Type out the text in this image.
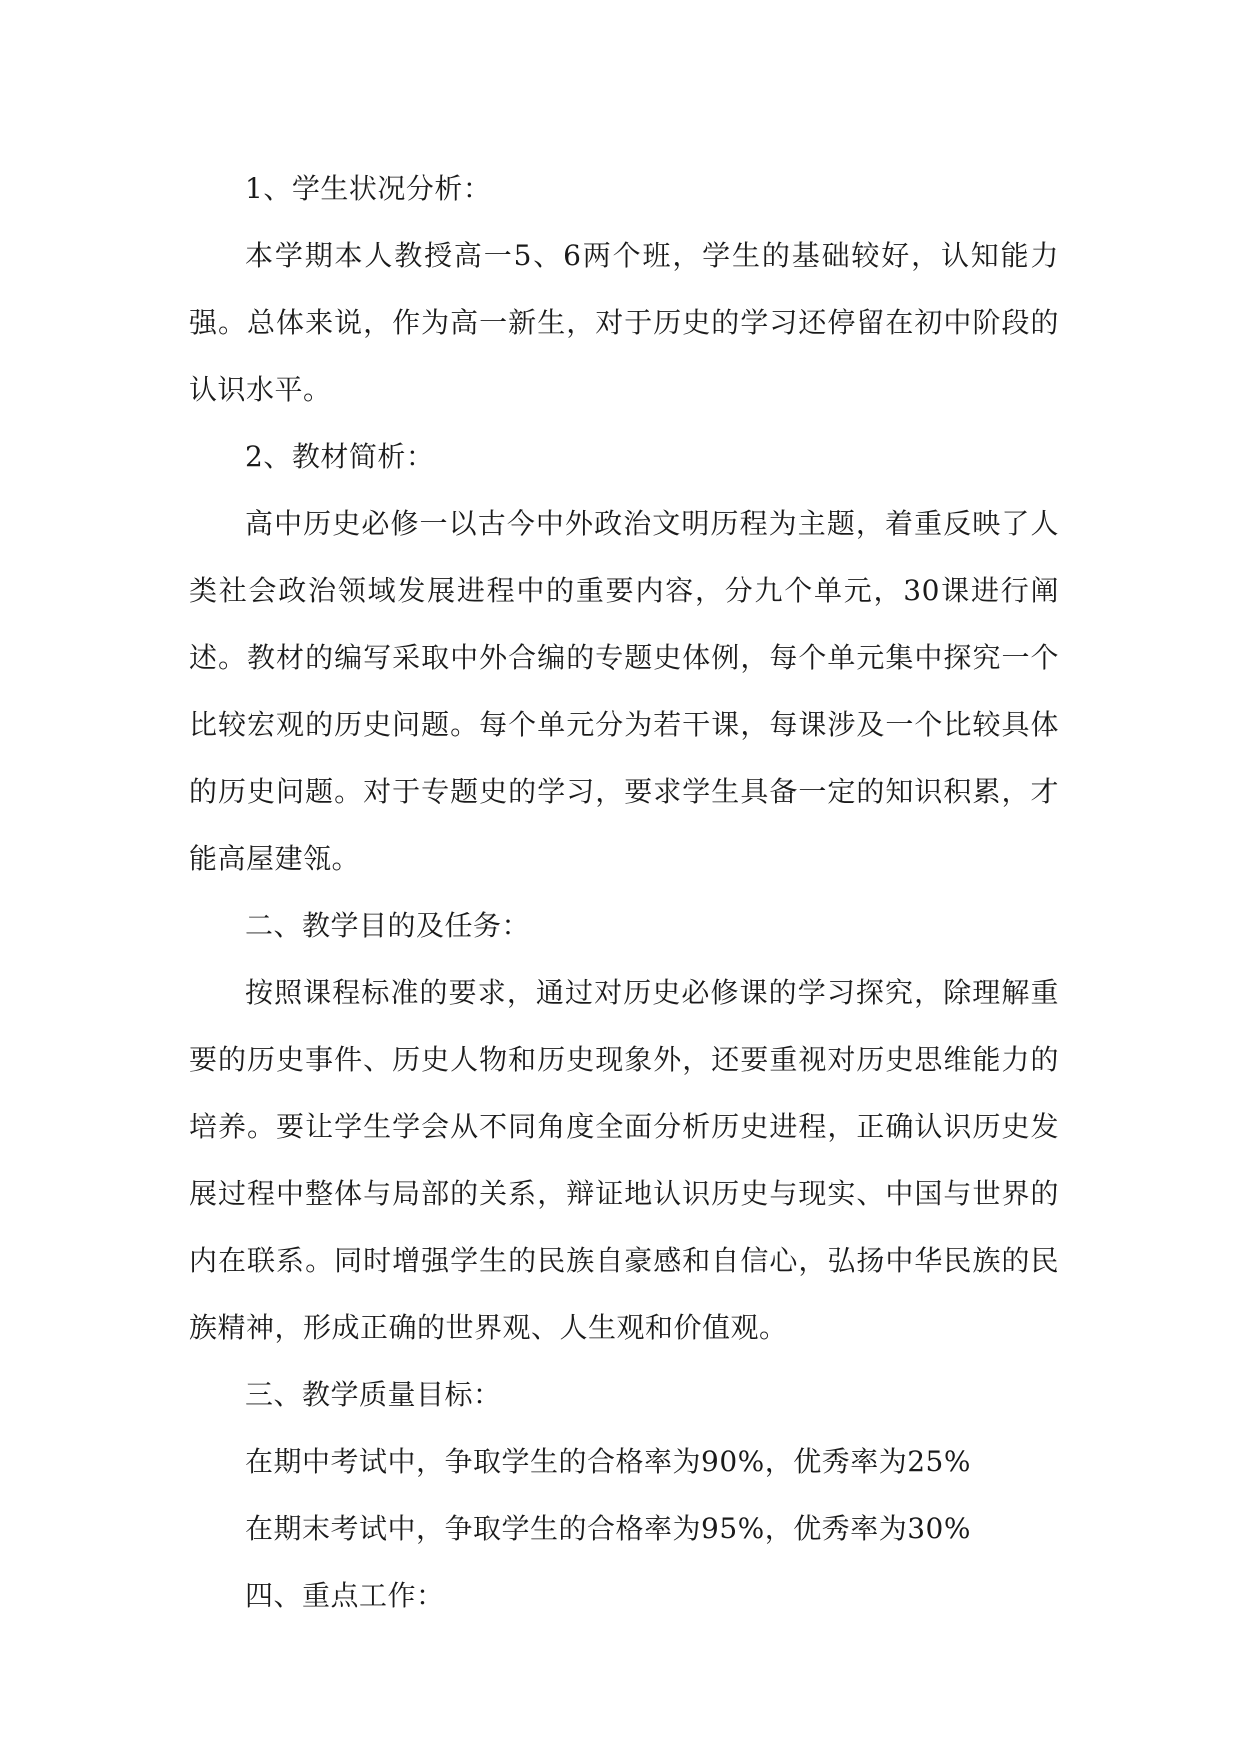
1、学生状况分析：

本学期本人教授高一5、6两个班，学生的基础较好，认知能力强。总体来说，作为高一新生，对于历史的学习还停留在初中阶段的认识水平。

2、教材简析：

高中历史必修一以古今中外政治文明历程为主题，着重反映了人类社会政治领域发展进程中的重要内容，分九个单元，30课进行阐述。教材的编写采取中外合编的专题史体例，每个单元集中探究一个比较宏观的历史问题。每个单元分为若干课，每课涉及一个比较具体的历史问题。对于专题史的学习，要求学生具备一定的知识积累，才能高屋建瓴。

二、教学目的及任务：

按照课程标准的要求，通过对历史必修课的学习探究，除理解重要的历史事件、历史人物和历史现象外，还要重视对历史思维能力的培养。要让学生学会从不同角度全面分析历史进程，正确认识历史发展过程中整体与局部的关系，辩证地认识历史与现实、中国与世界的内在联系。同时增强学生的民族自豪感和自信心，弘扬中华民族的民族精神，形成正确的世界观、人生观和价值观。

三、教学质量目标：

在期中考试中，争取学生的合格率为90%，优秀率为25%

在期末考试中，争取学生的合格率为95%，优秀率为30%

四、重点工作：
